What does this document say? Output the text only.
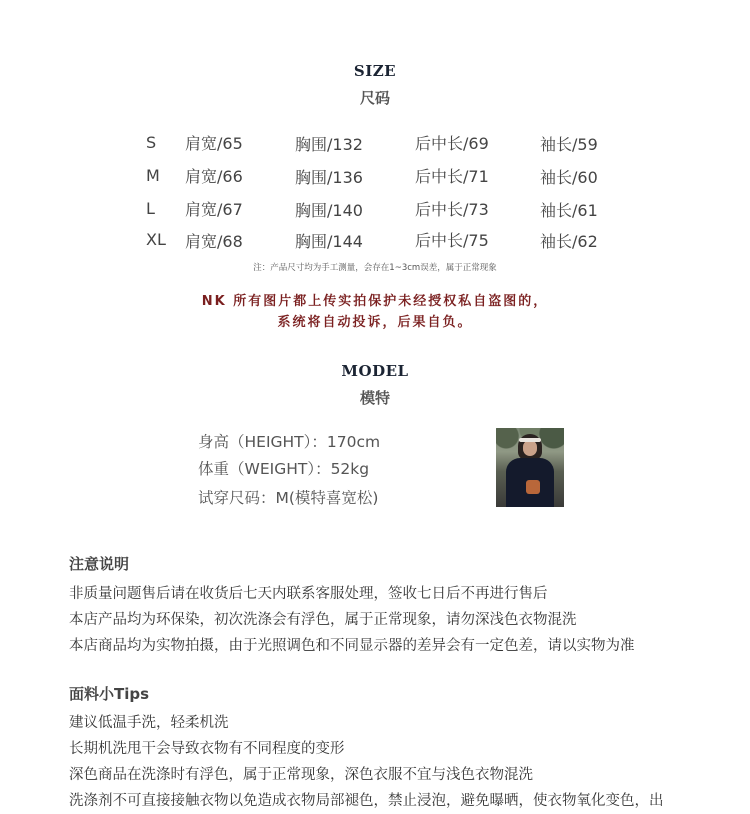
SIZE
尺码
S 肩宽/65	胸围/132	后中长/69	袖长/59
M 肩宽/66	胸围/136	后中长/71	袖长/60
L 肩宽/67	胸围/140	后中长/73	袖长/61
XL 肩宽/68	胸围/144	后中长/75	袖长/62
注：产品尺寸均为手工测量，会存在1~3cm误差，属于正常现象
NK 所有图片都上传实拍保护未经授权私自盗图的，
系统将自动投诉，后果自负。
MODEL
模特
身高（HEIGHT）：170cm
体重（WEIGHT）：52kg
试穿尺码：M(模特喜宽松)
注意说明
非质量问题售后请在收货后七天内联系客服处理，签收七日后不再进行售后
本店产品均为环保染，初次洗涤会有浮色，属于正常现象，请勿深浅色衣物混洗
本店商品均为实物拍摄，由于光照调色和不同显示器的差异会有一定色差，请以实物为准
面料小Tips
建议低温手洗，轻柔机洗
长期机洗甩干会导致衣物有不同程度的变形
深色商品在洗涤时有浮色，属于正常现象，深色衣服不宜与浅色衣物混洗
洗涤剂不可直接接触衣物以免造成衣物局部褪色，禁止浸泡，避免曝晒，使衣物氧化变色，出
